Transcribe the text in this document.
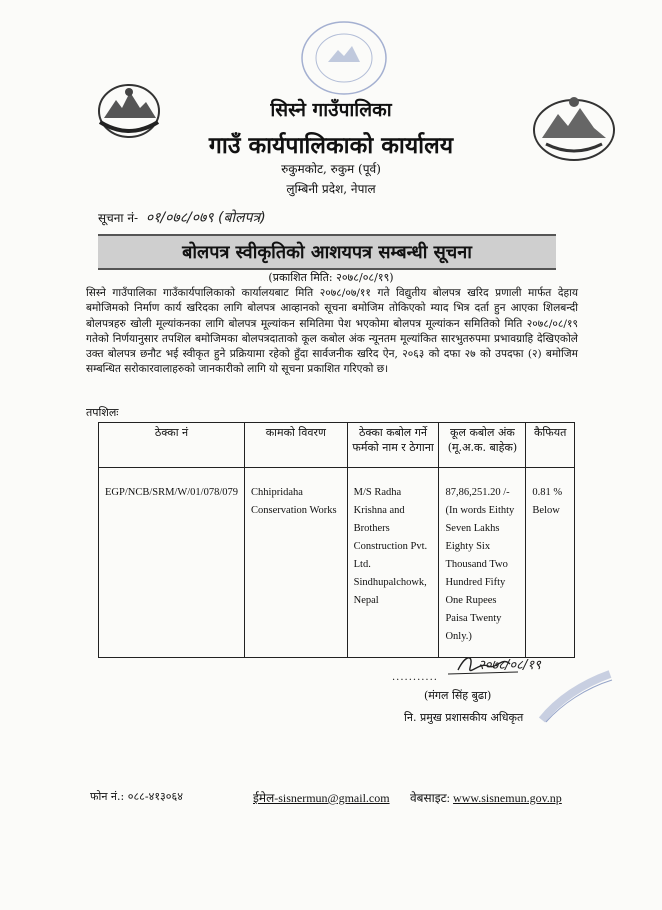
सिस्ने गाउँपालिका
गाउँ कार्यपालिकाको कार्यालय
रुकुमकोट, रुकुम (पूर्व)
लुम्बिनी प्रदेश, नेपाल
सूचना नं- ०१/०७८/०७९ (बोलपत्र)
बोलपत्र स्वीकृतिको आशयपत्र सम्बन्धी सूचना
(प्रकाशित मिति: २०७८/०८/१९)
सिस्ने गाउँपालिका गाउँकार्यपालिकाको कार्यालयबाट मिति २०७८/०७/११ गते विद्युतीय बोलपत्र खरिद प्रणाली मार्फत देहाय बमोजिमको निर्माण कार्य खरिदका लागि बोलपत्र आव्हानको सूचना बमोजिम तोकिएको म्याद भित्र दर्ता हुन आएका शिलबन्दी बोलपत्रहरु खोली मूल्यांकनका लागि बोलपत्र मूल्यांकन समितिमा पेश भएकोमा बोलपत्र मूल्यांकन समितिको मिति २०७८/०८/१९ गतेको निर्णयानुसार तपशिल बमोजिमका बोलपत्रदाताको कूल कबोल अंक न्यूनतम मूल्यांकित सारभुतरुपमा प्रभावग्राहि देखिएकोले उक्त बोलपत्र छनौट भई स्वीकृत हुने प्रक्रियामा रहेको हुँदा सार्वजनीक खरिद ऐन, २०६३ को दफा २७ को उपदफा (२) बमोजिम सम्बन्धित सरोकारवालाहरुको जानकारीको लागि यो सूचना प्रकाशित गरिएको छ।
तपशिलः
ठेक्का नं	कामको विवरण	ठेक्का कबोल गर्ने फर्मको नाम र ठेगाना	कूल कबोल अंक (मू.अ.क. बाहेक)	कैफियत
EGP/NCB/SRM/W/01/078/079	Chhipridaha Conservation Works	M/S Radha Krishna and Brothers Construction Pvt. Ltd. Sindhupalchowk, Nepal	87,86,251.20 /- (In words Eithty Seven Lakhs Eighty Six Thousand Two Hundred Fifty One Rupees Paisa Twenty Only.)	0.81 % Below
२०७८/०८/१९
...........
(मंगल सिंह बुढा)
नि. प्रमुख प्रशासकीय अधिकृत
फोन नं.: ०८८-४१३०६४	ईमेल-sisnermun@gmail.com वेबसाइट: www.sisnemun.gov.np
